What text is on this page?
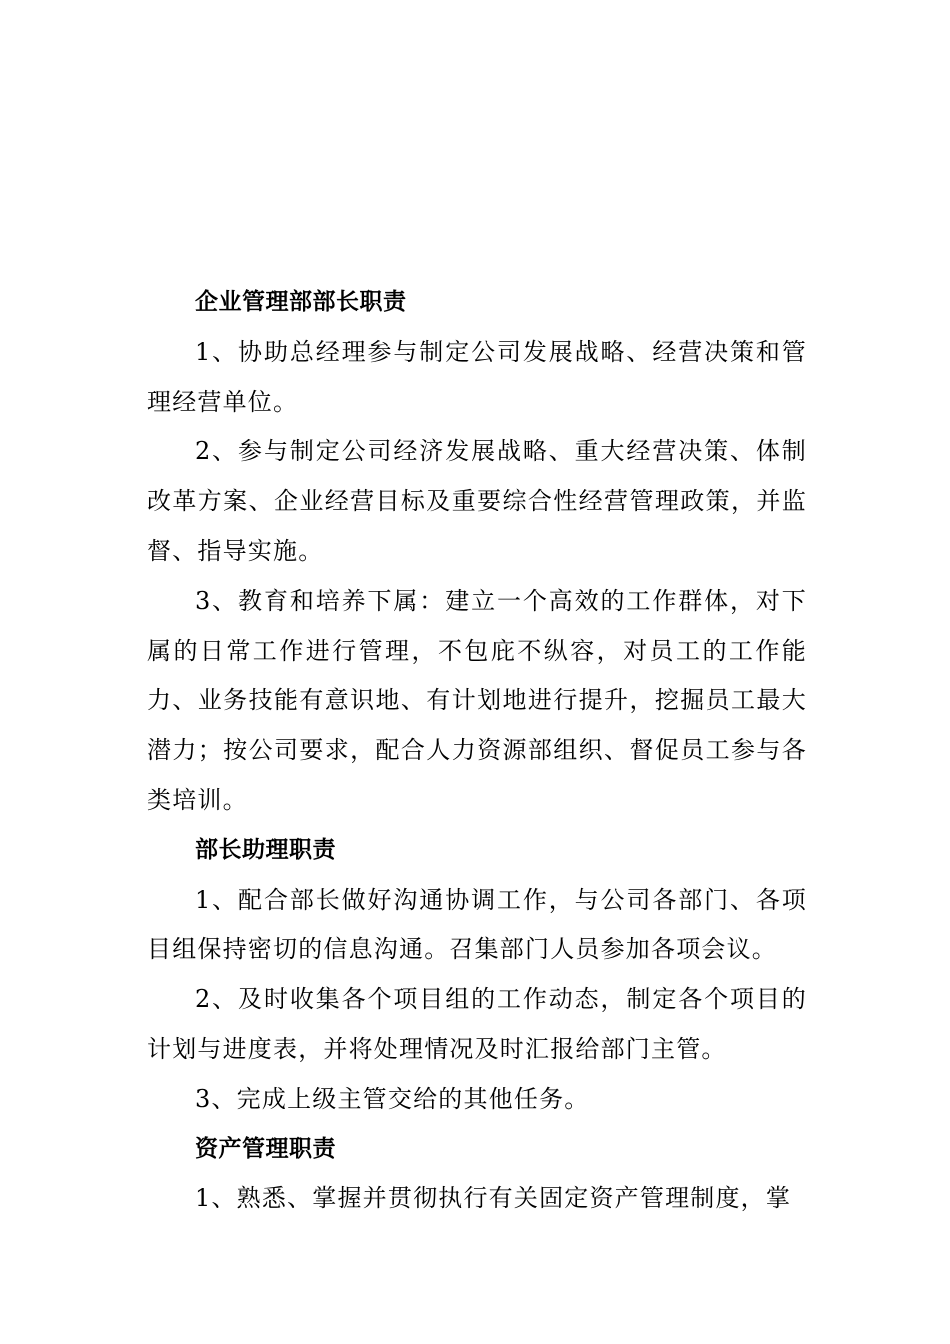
企业管理部部长职责

1、协助总经理参与制定公司发展战略、经营决策和管理经营单位。

2、参与制定公司经济发展战略、重大经营决策、体制改革方案、企业经营目标及重要综合性经营管理政策，并监督、指导实施。

3、教育和培养下属：建立一个高效的工作群体，对下属的日常工作进行管理，不包庇不纵容，对员工的工作能力、业务技能有意识地、有计划地进行提升，挖掘员工最大潜力；按公司要求，配合人力资源部组织、督促员工参与各类培训。

部长助理职责

1、配合部长做好沟通协调工作，与公司各部门、各项目组保持密切的信息沟通。召集部门人员参加各项会议。

2、及时收集各个项目组的工作动态，制定各个项目的计划与进度表，并将处理情况及时汇报给部门主管。

3、完成上级主管交给的其他任务。

资产管理职责

1、熟悉、掌握并贯彻执行有关固定资产管理制度，掌
